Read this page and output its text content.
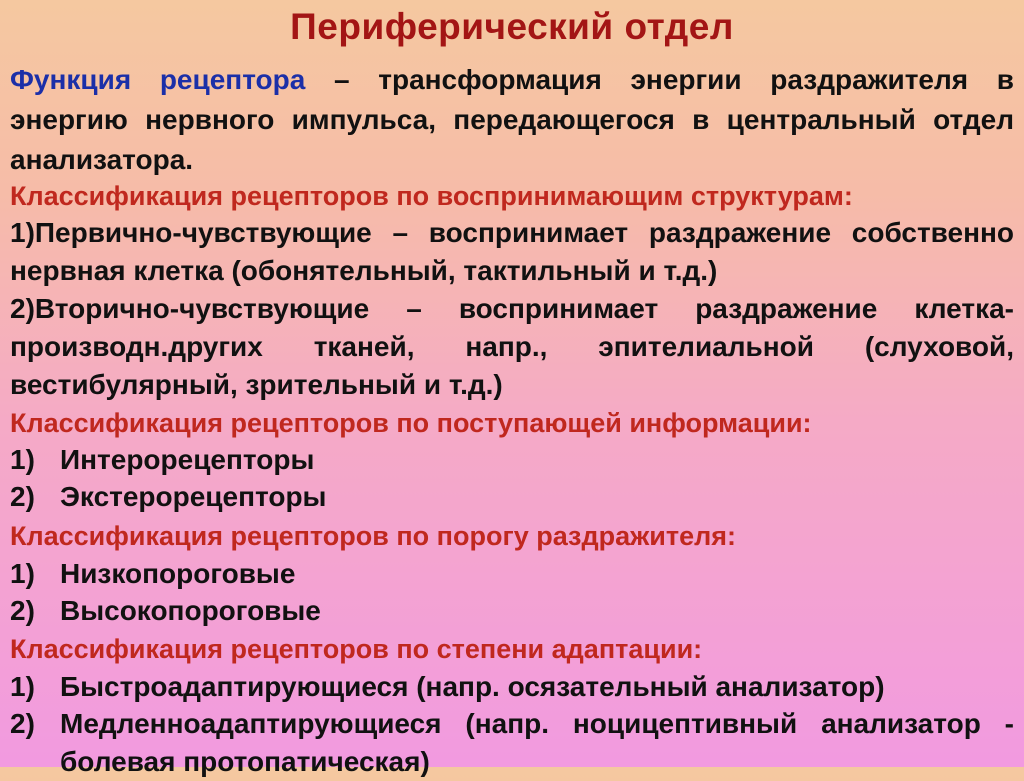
Периферический отдел
Функция рецептора – трансформация энергии раздражителя в энергию нервного импульса, передающегося в центральный отдел анализатора.
Классификация рецепторов по воспринимающим структурам:
1)Первично-чувствующие – воспринимает раздражение собственно нервная клетка (обонятельный, тактильный и т.д.)
2)Вторично-чувствующие – воспринимает раздражение клетка-производн.других тканей, напр., эпителиальной (слуховой, вестибулярный, зрительный и т.д.)
Классификация рецепторов по поступающей информации:
1) Интерорецепторы
2) Экстерорецепторы
Классификация рецепторов по порогу раздражителя:
1) Низкопороговые
2) Высокопороговые
Классификация рецепторов по степени адаптации:
1) Быстроадаптирующиеся (напр. осязательный анализатор)
2) Медленноадаптирующиеся (напр. ноцицептивный анализатор - болевая протопатическая)
